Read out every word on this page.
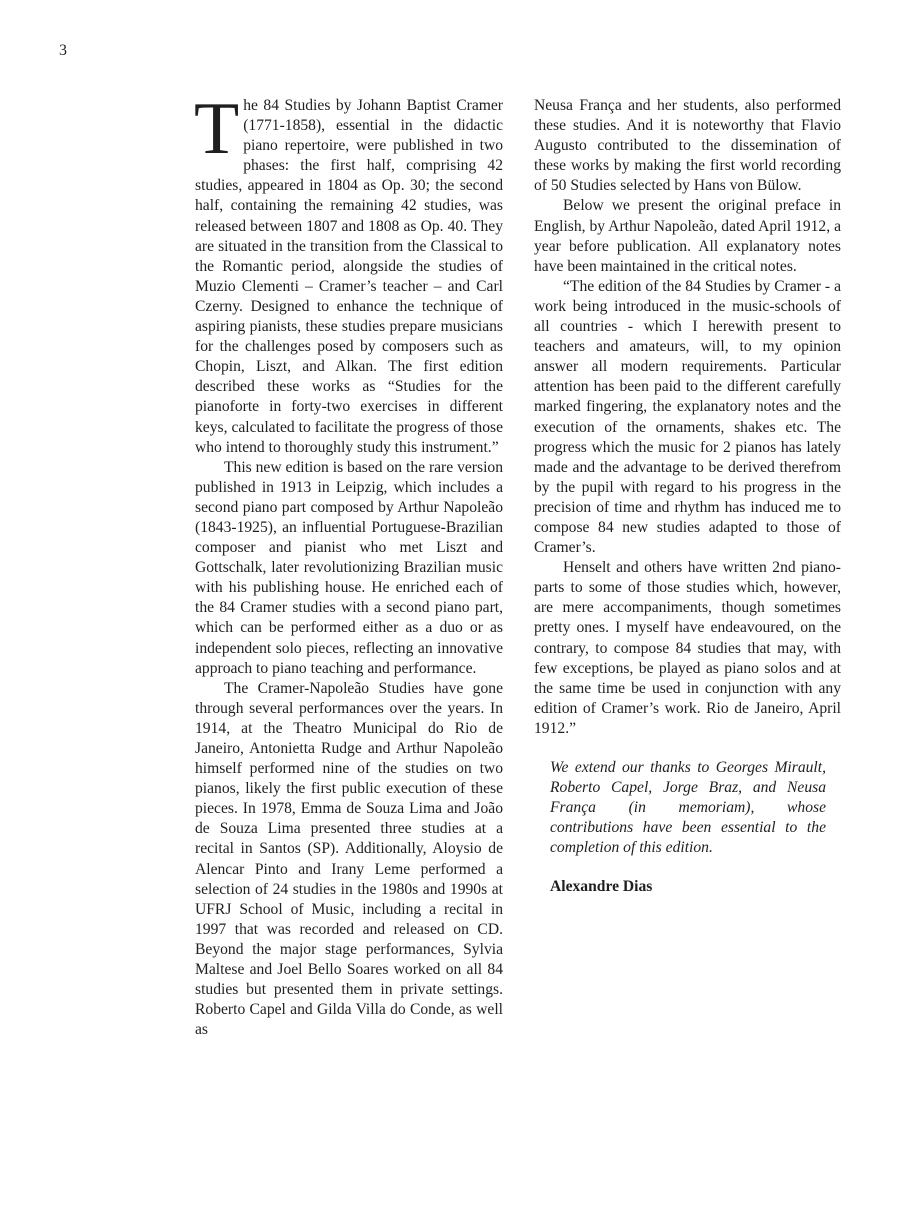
3

The 84 Studies by Johann Baptist Cramer (1771-1858), essential in the didactic piano repertoire, were published in two phases: the first half, comprising 42 studies, appeared in 1804 as Op. 30; the second half, containing the remaining 42 studies, was released between 1807 and 1808 as Op. 40. They are situated in the transition from the Classical to the Romantic period, alongside the studies of Muzio Clementi – Cramer’s teacher – and Carl Czerny. Designed to enhance the technique of aspiring pianists, these studies prepare musicians for the challenges posed by composers such as Chopin, Liszt, and Alkan. The first edition described these works as “Studies for the pianoforte in forty-two exercises in different keys, calculated to facilitate the progress of those who intend to thoroughly study this instrument.”

This new edition is based on the rare version published in 1913 in Leipzig, which includes a second piano part composed by Arthur Napoleão (1843-1925), an influential Portuguese-Brazilian composer and pianist who met Liszt and Gottschalk, later revolutionizing Brazilian music with his publishing house. He enriched each of the 84 Cramer studies with a second piano part, which can be performed either as a duo or as independent solo pieces, reflecting an innovative approach to piano teaching and performance.

The Cramer-Napoleão Studies have gone through several performances over the years. In 1914, at the Theatro Municipal do Rio de Janeiro, Antonietta Rudge and Arthur Napoleão himself performed nine of the studies on two pianos, likely the first public execution of these pieces. In 1978, Emma de Souza Lima and João de Souza Lima presented three studies at a recital in Santos (SP). Additionally, Aloysio de Alencar Pinto and Irany Leme performed a selection of 24 studies in the 1980s and 1990s at UFRJ School of Music, including a recital in 1997 that was recorded and released on CD. Beyond the major stage performances, Sylvia Maltese and Joel Bello Soares worked on all 84 studies but presented them in private settings. Roberto Capel and Gilda Villa do Conde, as well as

Neusa França and her students, also performed these studies. And it is noteworthy that Flavio Augusto contributed to the dissemination of these works by making the first world recording of 50 Studies selected by Hans von Bülow.

Below we present the original preface in English, by Arthur Napoleão, dated April 1912, a year before publication. All explanatory notes have been maintained in the critical notes.

“The edition of the 84 Studies by Cramer - a work being introduced in the music-schools of all countries - which I herewith present to teachers and amateurs, will, to my opinion answer all modern requirements. Particular attention has been paid to the different carefully marked fingering, the explanatory notes and the execution of the ornaments, shakes etc. The progress which the music for 2 pianos has lately made and the advantage to be derived therefrom by the pupil with regard to his progress in the precision of time and rhythm has induced me to compose 84 new studies adapted to those of Cramer’s.

Henselt and others have written 2nd piano-parts to some of those studies which, however, are mere accompaniments, though sometimes pretty ones. I myself have endeavoured, on the contrary, to compose 84 studies that may, with few exceptions, be played as piano solos and at the same time be used in conjunction with any edition of Cramer’s work. Rio de Janeiro, April 1912.”

We extend our thanks to Georges Mirault, Roberto Capel, Jorge Braz, and Neusa França (in memoriam), whose contributions have been essential to the completion of this edition.

Alexandre Dias
